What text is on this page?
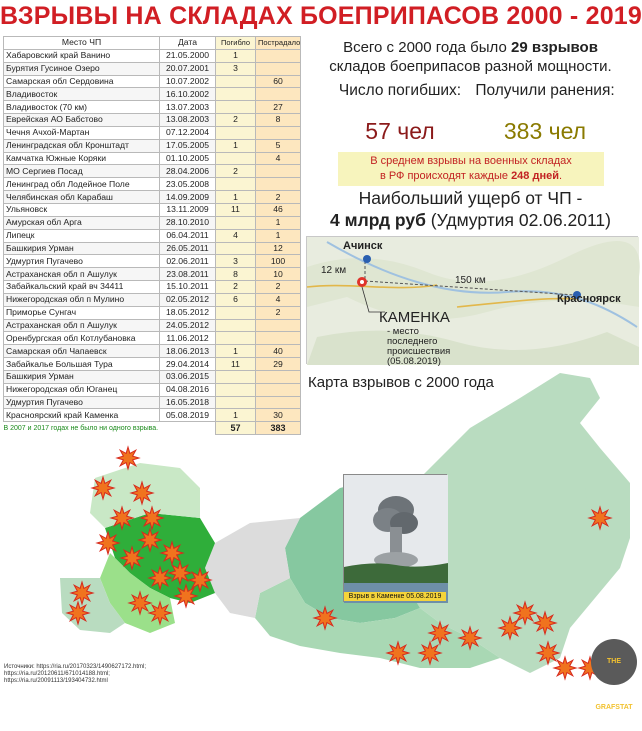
ВЗРЫВЫ НА СКЛАДАХ БОЕПРИПАСОВ 2000 - 2019
Место ЧП	Дата	Погибло	Пострадало
Хабаровский край Ванино	21.05.2000	1	
Бурятия Гусиное Озеро	20.07.2001	3	
Самарская обл Сердовина	10.07.2002		60
Владивосток	16.10.2002		
Владивосток (70 км)	13.07.2003		27
Еврейская АО Бабстово	13.08.2003	2	8
Чечня Ачхой-Мартан	07.12.2004		
Ленинградская обл Кронштадт	17.05.2005	1	5
Камчатка Южные Коряки	01.10.2005		4
МО Сергиев Посад	28.04.2006	2	
Ленинград обл Лодейное Поле	23.05.2008		
Челябинская обл Карабаш	14.09.2009	1	2
Ульяновск	13.11.2009	11	46
Амурская обл Арга	28.10.2010		1
Липецк	06.04.2011	4	1
Башкирия Урман	26.05.2011		12
Удмуртия Пугачево	02.06.2011	3	100
Астраханская обл п Ашулук	23.08.2011	8	10
Забайкальский край вч 34411	15.10.2011	2	2
Нижегородская обл п Мулино	02.05.2012	6	4
Приморье Сунгач	18.05.2012		2
Астраханская обл п Ашулук	24.05.2012		
Оренбургская обл Котлубановка	11.06.2012		
Самарская обл Чапаевск	18.06.2013	1	40
Забайкалье Большая Тура	29.04.2014	11	29
Башкирия Урман	03.06.2015		
Нижегородская обл Юганец	04.08.2016		
Удмуртия Пугачево	16.05.2018		
Красноярский край Каменка	05.08.2019	1	30
В 2007 и 2017 годах не было ни одного взрыва.		57	383
Всего с 2000 года было 29 взрывов
складов боеприпасов разной мощности.
Число погибших: Получили ранения:
57 чел	383 чел
В среднем взрывы на военных складах
в РФ происходят каждые 248 дней.
Наибольший ущерб от ЧП -
4 млрд руб (Удмуртия 02.06.2011)
Ачинск
Красноярск
12 км
150 км
КАМЕНКА
- место
последнего
происшествия
(05.08.2019)
Карта взрывов с 2000 года
Взрыв в Каменке 05.08.2019
Источники: https://ria.ru/20170323/1490627172.html;
https://ria.ru/20120611/671014188.html;
https://ria.ru/20091113/193404732.html
THE GRAFSTAT
